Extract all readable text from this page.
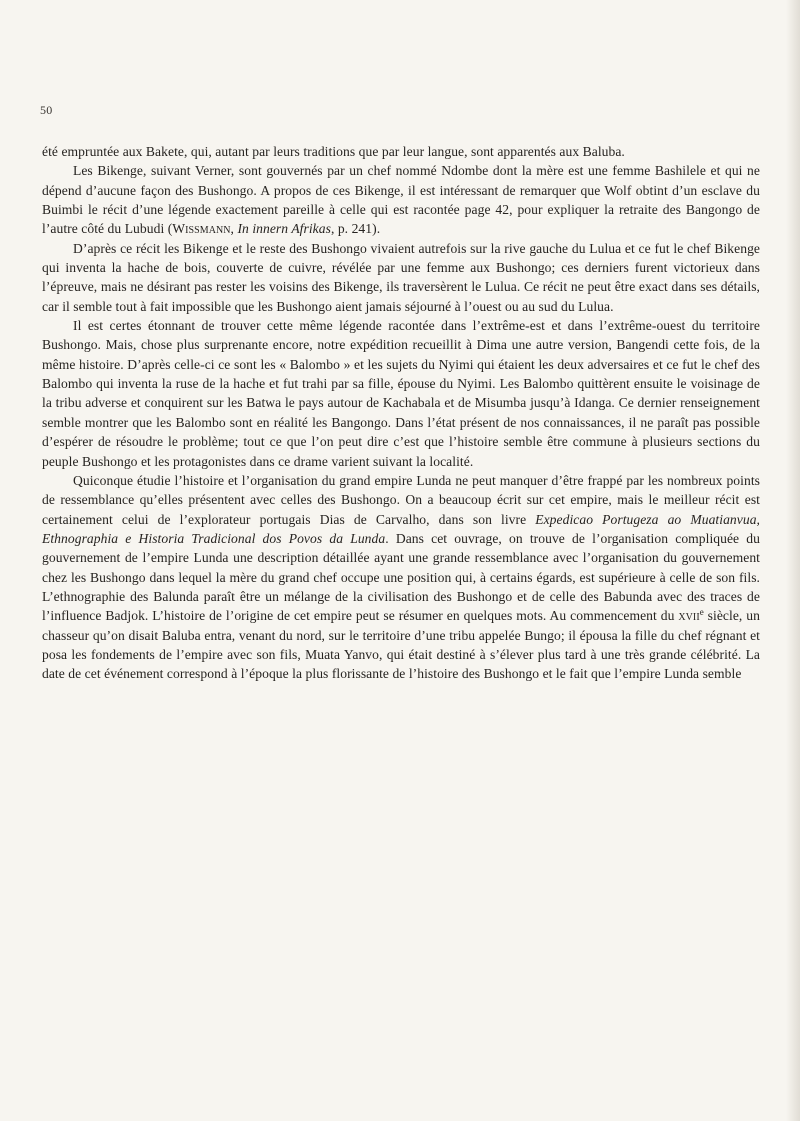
50

été empruntée aux Bakete, qui, autant par leurs traditions que par leur langue, sont apparentés aux Baluba.

Les Bikenge, suivant Verner, sont gouvernés par un chef nommé Ndombe dont la mère est une femme Bashilele et qui ne dépend d’aucune façon des Bushongo. A propos de ces Bikenge, il est intéressant de remarquer que Wolf obtint d’un esclave du Buimbi le récit d’une légende exactement pareille à celle qui est racontée page 42, pour expliquer la retraite des Bangongo de l’autre côté du Lubudi (Wissmann, In innern Afrikas, p. 241).

D’après ce récit les Bikenge et le reste des Bushongo vivaient autrefois sur la rive gauche du Lulua et ce fut le chef Bikenge qui inventa la hache de bois, couverte de cuivre, révélée par une femme aux Bushongo; ces derniers furent victorieux dans l’épreuve, mais ne désirant pas rester les voisins des Bikenge, ils traversèrent le Lulua. Ce récit ne peut être exact dans ses détails, car il semble tout à fait impossible que les Bushongo aient jamais séjourné à l’ouest ou au sud du Lulua.

Il est certes étonnant de trouver cette même légende racontée dans l’extrême-est et dans l’extrême-ouest du territoire Bushongo. Mais, chose plus surprenante encore, notre expédition recueillit à Dima une autre version, Bangendi cette fois, de la même histoire. D’après celle-ci ce sont les « Balombo » et les sujets du Nyimi qui étaient les deux adversaires et ce fut le chef des Balombo qui inventa la ruse de la hache et fut trahi par sa fille, épouse du Nyimi. Les Balombo quittèrent ensuite le voisinage de la tribu adverse et conquirent sur les Batwa le pays autour de Kachabala et de Misumba jusqu’à Idanga. Ce dernier renseignement semble montrer que les Balombo sont en réalité les Bangongo. Dans l’état présent de nos connaissances, il ne paraît pas possible d’espérer de résoudre le problème; tout ce que l’on peut dire c’est que l’histoire semble être commune à plusieurs sections du peuple Bushongo et les protagonistes dans ce drame varient suivant la localité.

Quiconque étudie l’histoire et l’organisation du grand empire Lunda ne peut manquer d’être frappé par les nombreux points de ressemblance qu’elles présentent avec celles des Bushongo. On a beaucoup écrit sur cet empire, mais le meilleur récit est certainement celui de l’explorateur portugais Dias de Carvalho, dans son livre Expedicao Portugeza ao Muatianvua, Ethnographia e Historia Tradicional dos Povos da Lunda. Dans cet ouvrage, on trouve de l’organisation compliquée du gouvernement de l’empire Lunda une description détaillée ayant une grande ressemblance avec l’organisation du gouvernement chez les Bushongo dans lequel la mère du grand chef occupe une position qui, à certains égards, est supérieure à celle de son fils. L’ethnographie des Balunda paraît être un mélange de la civilisation des Bushongo et de celle des Babunda avec des traces de l’influence Badjok. L’histoire de l’origine de cet empire peut se résumer en quelques mots. Au commencement du xvii$^e$ siècle, un chasseur qu’on disait Baluba entra, venant du nord, sur le territoire d’une tribu appelée Bungo; il épousa la fille du chef régnant et posa les fondements de l’empire avec son fils, Muata Yanvo, qui était destiné à s’élever plus tard à une très grande célébrité. La date de cet événement correspond à l’époque la plus florissante de l’histoire des Bushongo et le fait que l’empire Lunda semble
